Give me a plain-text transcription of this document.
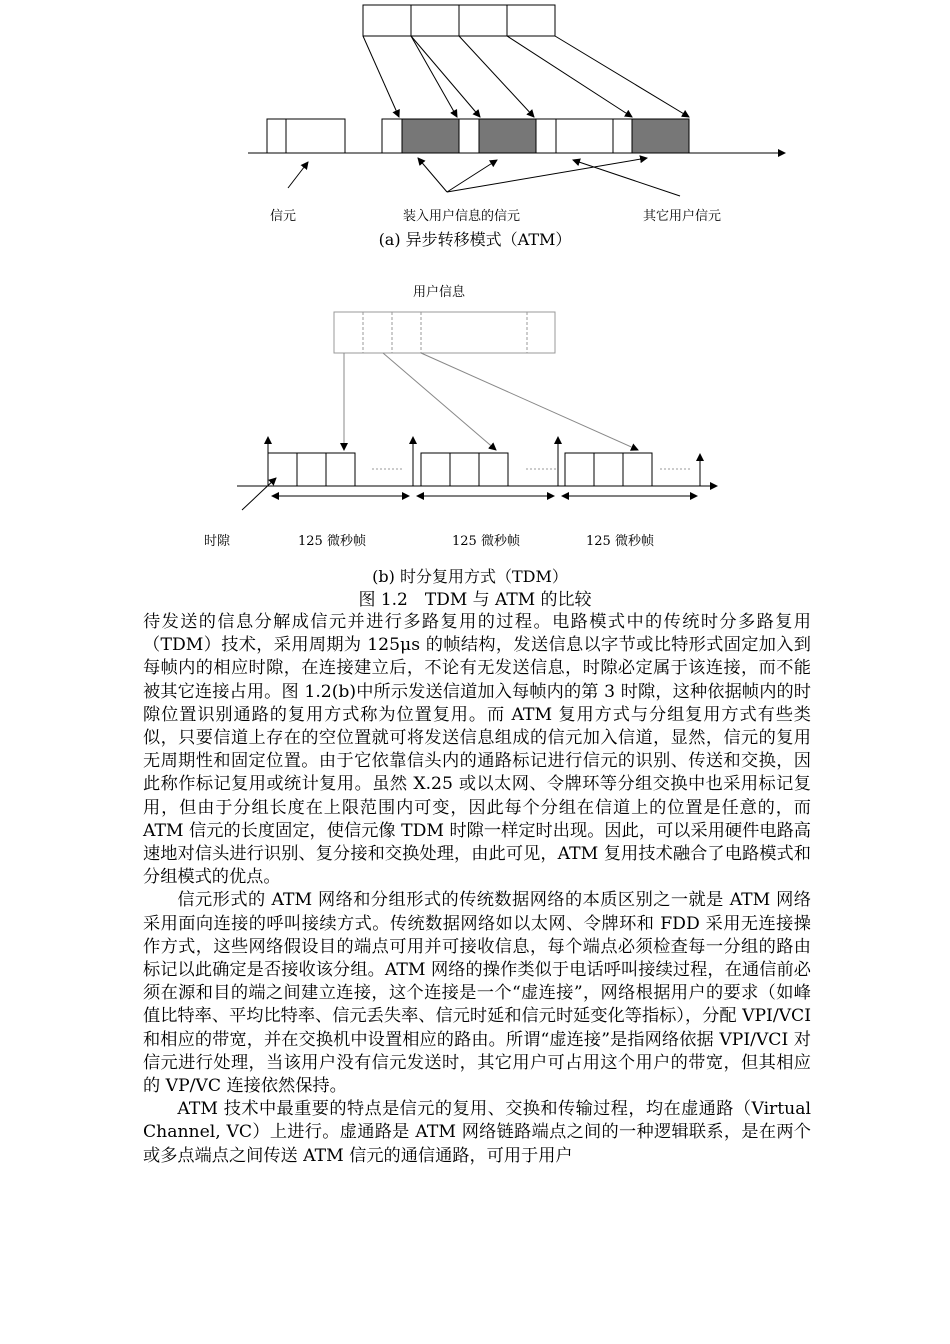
信元	装入用户信息的信元	其它用户信元
(a) 异步转移模式（ATM）
用户信息
时隙	125 微秒帧	125 微秒帧	125 微秒帧
(b) 时分复用方式（TDM）
图 1.2　TDM 与 ATM 的比较

待发送的信息分解成信元并进行多路复用的过程。电路模式中的传统时分多路复用（TDM）技术，采用周期为 125μs 的帧结构，发送信息以字节或比特形式固定加入到每帧内的相应时隙，在连接建立后，不论有无发送信息，时隙必定属于该连接，而不能被其它连接占用。图 1.2(b)中所示发送信道加入每帧内的第 3 时隙，这种依据帧内的时隙位置识别通路的复用方式称为位置复用。而 ATM 复用方式与分组复用方式有些类似，只要信道上存在的空位置就可将发送信息组成的信元加入信道，显然，信元的复用无周期性和固定位置。由于它依靠信头内的通路标记进行信元的识别、传送和交换，因此称作标记复用或统计复用。虽然 X.25 或以太网、令牌环等分组交换中也采用标记复用，但由于分组长度在上限范围内可变，因此每个分组在信道上的位置是任意的，而 ATM 信元的长度固定，使信元像 TDM 时隙一样定时出现。因此，可以采用硬件电路高速地对信头进行识别、复分接和交换处理，由此可见，ATM 复用技术融合了电路模式和分组模式的优点。

信元形式的 ATM 网络和分组形式的传统数据网络的本质区别之一就是 ATM 网络采用面向连接的呼叫接续方式。传统数据网络如以太网、令牌环和 FDD 采用无连接操作方式，这些网络假设目的端点可用并可接收信息，每个端点必须检查每一分组的路由标记以此确定是否接收该分组。ATM 网络的操作类似于电话呼叫接续过程，在通信前必须在源和目的端之间建立连接，这个连接是一个“虚连接”，网络根据用户的要求（如峰值比特率、平均比特率、信元丢失率、信元时延和信元时延变化等指标），分配 VPI/VCI 和相应的带宽，并在交换机中设置相应的路由。所谓“虚连接”是指网络依据 VPI/VCI 对信元进行处理，当该用户没有信元发送时，其它用户可占用这个用户的带宽，但其相应的 VP/VC 连接依然保持。

ATM 技术中最重要的特点是信元的复用、交换和传输过程，均在虚通路（Virtual Channel, VC）上进行。虚通路是 ATM 网络链路端点之间的一种逻辑联系，是在两个或多点端点之间传送 ATM 信元的通信通路，可用于用户
